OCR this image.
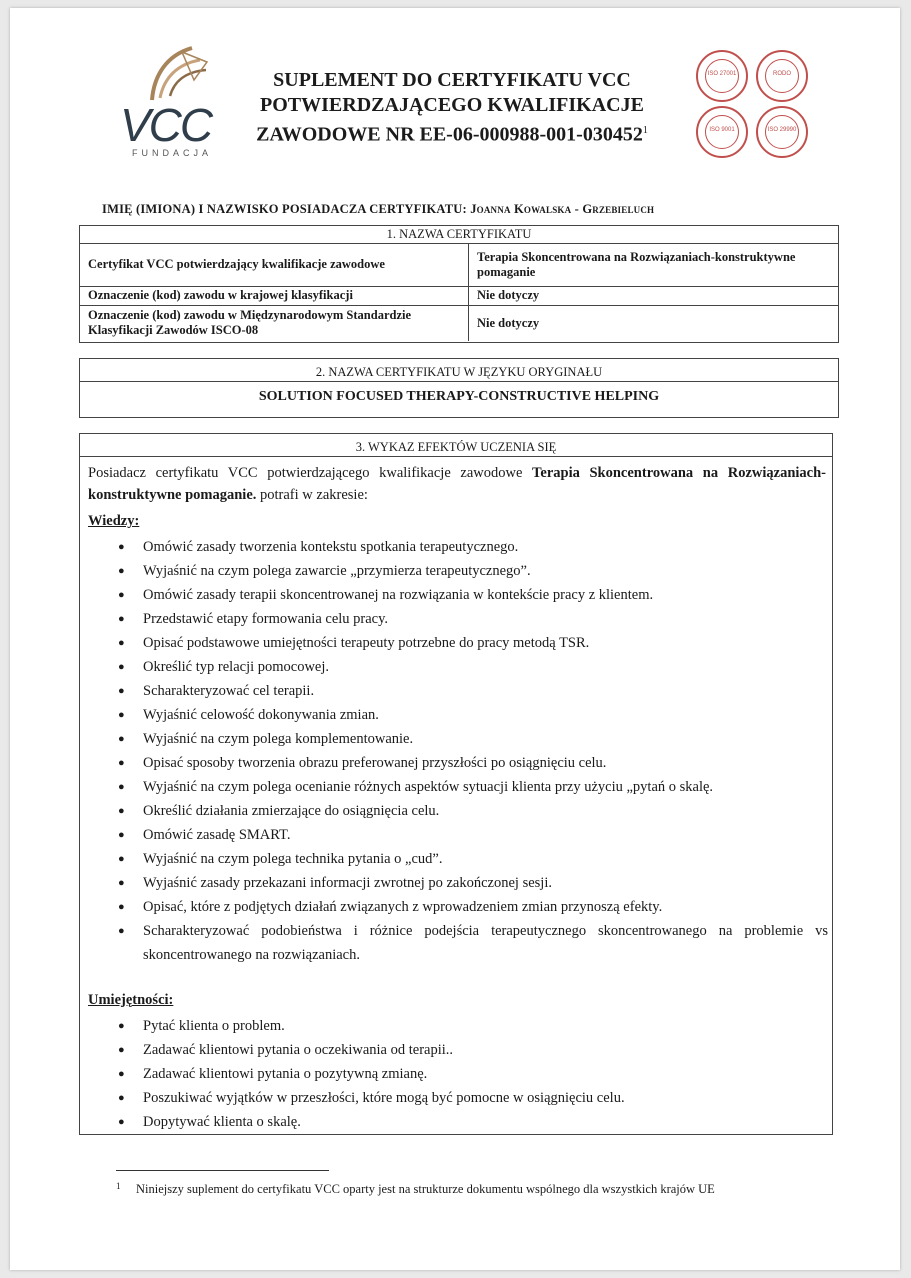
VCC
FUNDACJA
SUPLEMENT DO CERTYFIKATU VCC
POTWIERDZAJĄCEGO KWALIFIKACJE
ZAWODOWE NR EE-06-000988-001-030452$^1$
ISO 27001	RODO
ISO 9001	ISO 29990
IMIĘ (IMIONA) I NAZWISKO POSIADACZA CERTYFIKATU: Joanna Kowalska - Grzebieluch
1. NAZWA CERTYFIKATU
Certyfikat VCC potwierdzający kwalifikacje zawodowe	Terapia Skoncentrowana na Rozwiązaniach-konstruktywne pomaganie
Oznaczenie (kod) zawodu w krajowej klasyfikacji	Nie dotyczy
Oznaczenie (kod) zawodu w Międzynarodowym Standardzie Klasyfikacji Zawodów ISCO-08	Nie dotyczy
2. NAZWA CERTYFIKATU W JĘZYKU ORYGINAŁU
SOLUTION FOCUSED THERAPY-CONSTRUCTIVE HELPING
3. WYKAZ EFEKTÓW UCZENIA SIĘ
Posiadacz certyfikatu VCC potwierdzającego kwalifikacje zawodowe Terapia Skoncentrowana na Rozwiązaniach-konstruktywne pomaganie. potrafi w zakresie:
Wiedzy:
● Omówić zasady tworzenia kontekstu spotkania terapeutycznego.
● Wyjaśnić na czym polega zawarcie „przymierza terapeutycznego”.
● Omówić zasady terapii skoncentrowanej na rozwiązania w kontekście pracy z klientem.
● Przedstawić etapy formowania celu pracy.
● Opisać podstawowe umiejętności terapeuty potrzebne do pracy metodą TSR.
● Określić typ relacji pomocowej.
● Scharakteryzować cel terapii.
● Wyjaśnić celowość dokonywania zmian.
● Wyjaśnić na czym polega komplementowanie.
● Opisać sposoby tworzenia obrazu preferowanej przyszłości po osiągnięciu celu.
● Wyjaśnić na czym polega ocenianie różnych aspektów sytuacji klienta przy użyciu „pytań o skalę.
● Określić działania zmierzające do osiągnięcia celu.
● Omówić zasadę SMART.
● Wyjaśnić na czym polega technika pytania o „cud”.
● Wyjaśnić zasady przekazani informacji zwrotnej po zakończonej sesji.
● Opisać, które z podjętych działań związanych z wprowadzeniem zmian przynoszą efekty.
● Scharakteryzować podobieństwa i różnice podejścia terapeutycznego skoncentrowanego na problemie vs skoncentrowanego na rozwiązaniach.
Umiejętności:
● Pytać klienta o problem.
● Zadawać klientowi pytania o oczekiwania od terapii..
● Zadawać klientowi pytania o pozytywną zmianę.
● Poszukiwać wyjątków w przeszłości, które mogą być pomocne w osiągnięciu celu.
● Dopytywać klienta o skalę.
1	Niniejszy suplement do certyfikatu VCC oparty jest na strukturze dokumentu wspólnego dla wszystkich krajów UE
